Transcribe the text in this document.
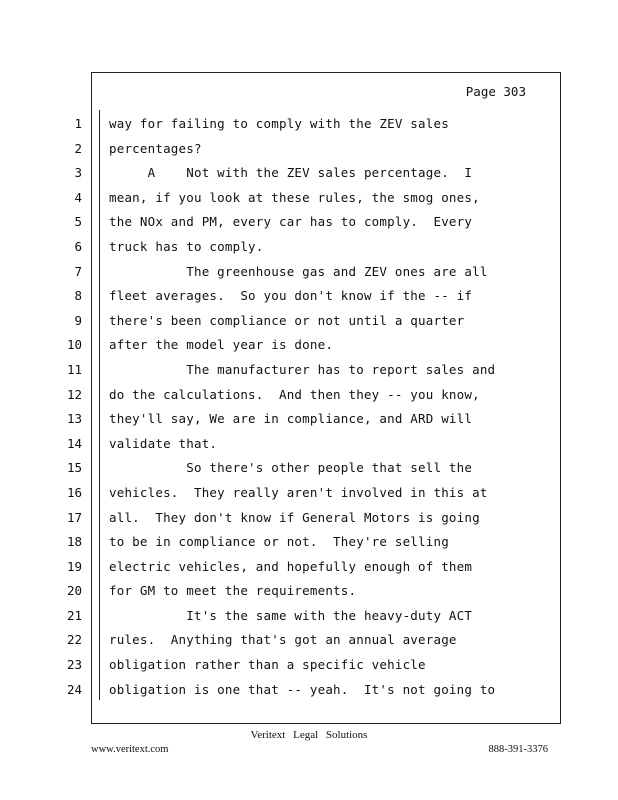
Page 303
1
2
3
4
5
6
7
8
9
10
11
12
13
14
15
16
17
18
19
20
21
22
23
24
way for failing to comply with the ZEV sales
percentages?
A    Not with the ZEV sales percentage.  I
mean, if you look at these rules, the smog ones,
the NOx and PM, every car has to comply.  Every
truck has to comply.
The greenhouse gas and ZEV ones are all
fleet averages.  So you don't know if the -- if
there's been compliance or not until a quarter
after the model year is done.
The manufacturer has to report sales and
do the calculations.  And then they -- you know,
they'll say, We are in compliance, and ARD will
validate that.
So there's other people that sell the
vehicles.  They really aren't involved in this at
all.  They don't know if General Motors is going
to be in compliance or not.  They're selling
electric vehicles, and hopefully enough of them
for GM to meet the requirements.
It's the same with the heavy-duty ACT
rules.  Anything that's got an annual average
obligation rather than a specific vehicle
obligation is one that -- yeah.  It's not going to
Veritext Legal Solutions
www.veritext.com	888-391-3376
